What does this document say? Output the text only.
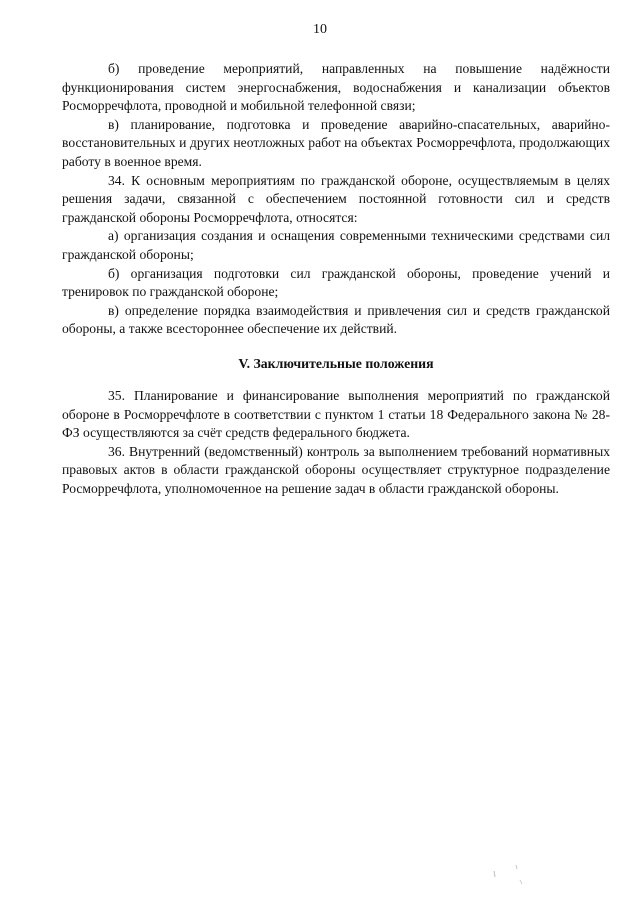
10

б) проведение мероприятий, направленных на повышение надёжности функционирования систем энергоснабжения, водоснабжения и канализации объектов Росморречфлота, проводной и мобильной телефонной связи;

в) планирование, подготовка и проведение аварийно-спасательных, аварийно-восстановительных и других неотложных работ на объектах Росморречфлота, продолжающих работу в военное время.

34. К основным мероприятиям по гражданской обороне, осуществляемым в целях решения задачи, связанной с обеспечением постоянной готовности сил и средств гражданской обороны Росморречфлота, относятся:

а) организация создания и оснащения современными техническими средствами сил гражданской обороны;

б) организация подготовки сил гражданской обороны, проведение учений и тренировок по гражданской обороне;

в) определение порядка взаимодействия и привлечения сил и средств гражданской обороны, а также всестороннее обеспечение их действий.

V. Заключительные положения

35. Планирование и финансирование выполнения мероприятий по гражданской обороне в Росморречфлоте в соответствии с пунктом 1 статьи 18 Федерального закона № 28-ФЗ осуществляются за счёт средств федерального бюджета.

36. Внутренний (ведомственный) контроль за выполнением требований нормативных правовых актов в области гражданской обороны осуществляет структурное подразделение Росморречфлота, уполномоченное на решение задач в области гражданской обороны.
